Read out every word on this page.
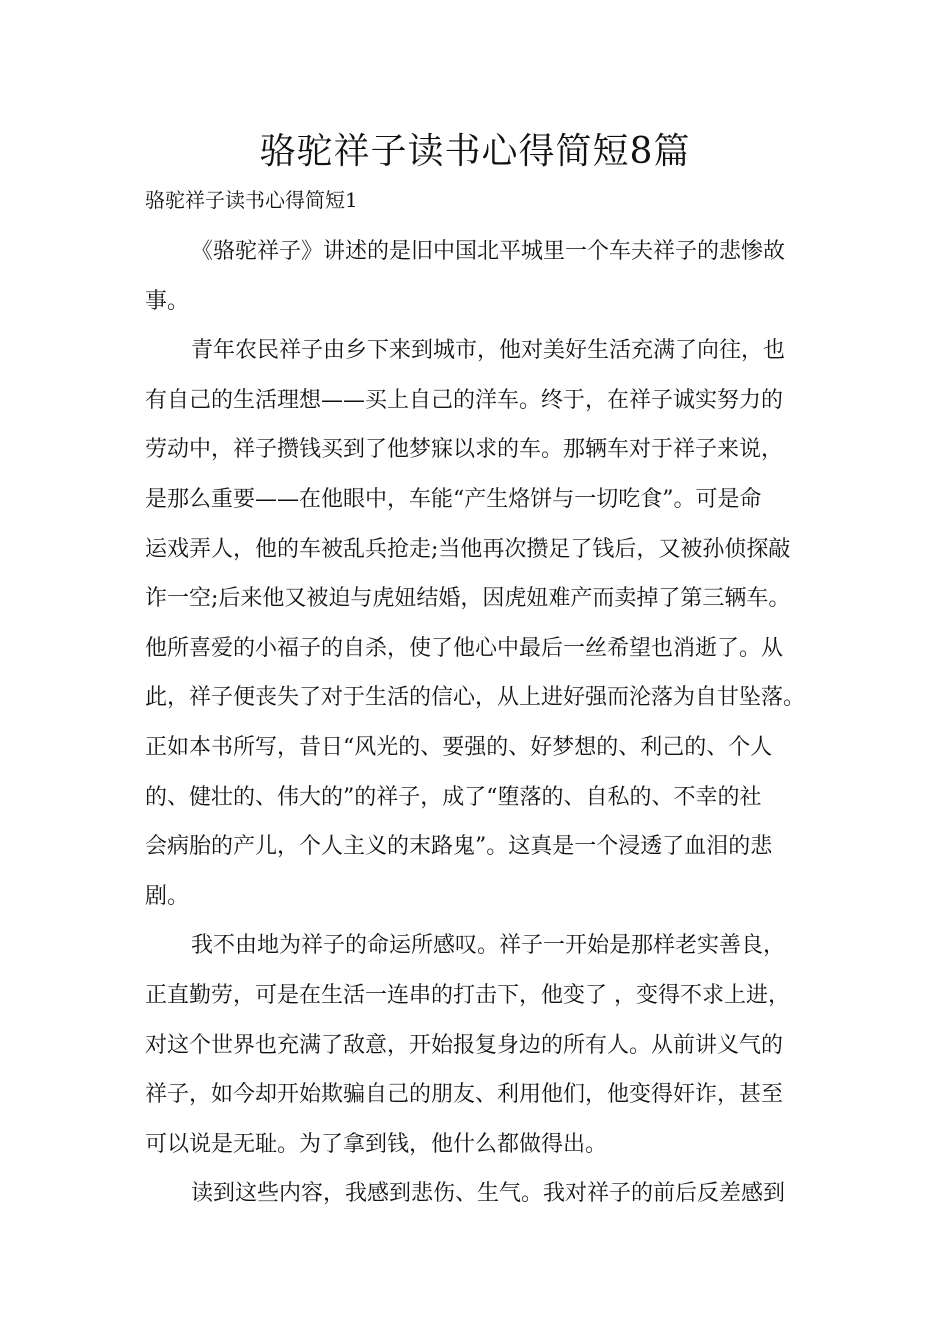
骆驼祥子读书心得简短8篇

骆驼祥子读书心得简短1

《骆驼祥子》讲述的是旧中国北平城里一个车夫祥子的悲惨故
事。
青年农民祥子由乡下来到城市，他对美好生活充满了向往，也
有自己的生活理想——买上自己的洋车。终于，在祥子诚实努力的
劳动中，祥子攒钱买到了他梦寐以求的车。那辆车对于祥子来说，
是那么重要——在他眼中，车能“产生烙饼与一切吃食”。可是命
运戏弄人，他的车被乱兵抢走;当他再次攒足了钱后，又被孙侦探敲
诈一空;后来他又被迫与虎妞结婚，因虎妞难产而卖掉了第三辆车。
他所喜爱的小福子的自杀，使了他心中最后一丝希望也消逝了。从
此，祥子便丧失了对于生活的信心，从上进好强而沦落为自甘坠落。
正如本书所写，昔日“风光的、要强的、好梦想的、利己的、个人
的、健壮的、伟大的”的祥子，成了“堕落的、自私的、不幸的社
会病胎的产儿，个人主义的末路鬼”。这真是一个浸透了血泪的悲
剧。
我不由地为祥子的命运所感叹。祥子一开始是那样老实善良，
正直勤劳，可是在生活一连串的打击下，他变了 ，变得不求上进，
对这个世界也充满了敌意，开始报复身边的所有人。从前讲义气的
祥子，如今却开始欺骗自己的朋友、利用他们，他变得奸诈，甚至
可以说是无耻。为了拿到钱，他什么都做得出。
读到这些内容，我感到悲伤、生气。我对祥子的前后反差感到
